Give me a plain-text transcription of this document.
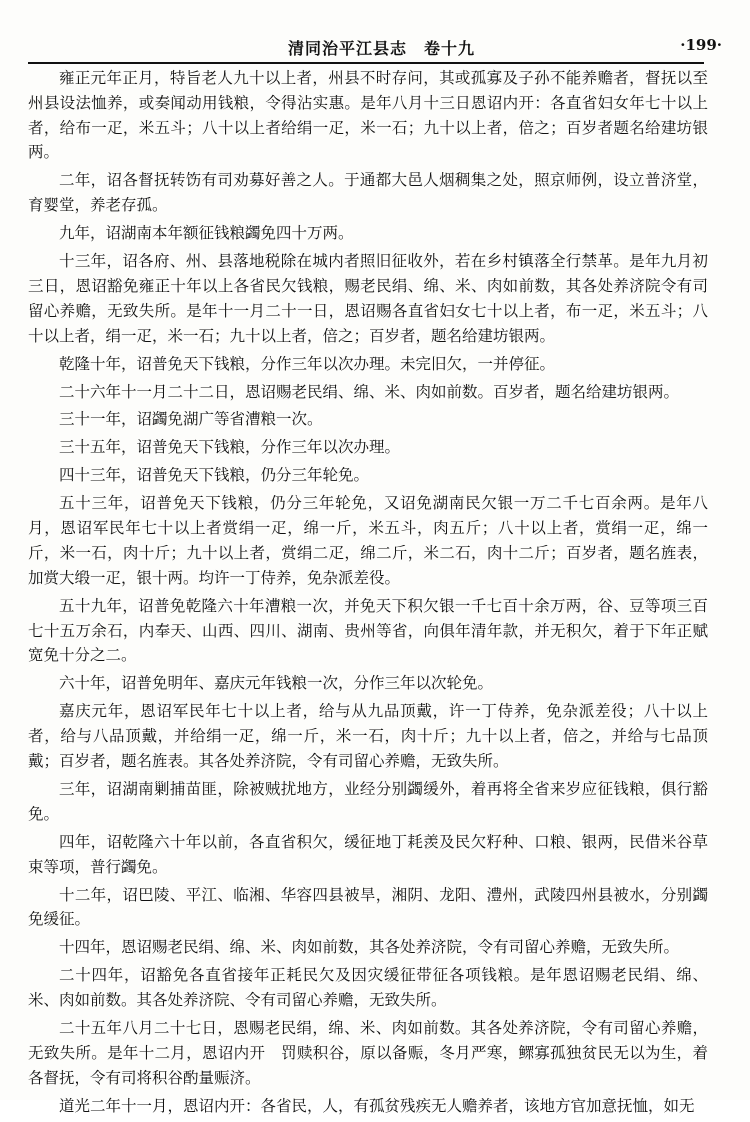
清同治平江县志　卷十九	·199·

雍正元年正月，特旨老人九十以上者，州县不时存问，其或孤寡及子孙不能养赡者，督抚以至州县设法恤养，或奏闻动用钱粮，令得沾实惠。是年八月十三日恩诏内开：各直省妇女年七十以上者，给布一疋，米五斗；八十以上者给绢一疋，米一石；九十以上者，倍之；百岁者题名给建坊银两。

二年，诏各督抚转饬有司劝募好善之人。于通都大邑人烟稠集之处，照京师例，设立普济堂，育婴堂，养老存孤。

九年，诏湖南本年额征钱粮蠲免四十万两。

十三年，诏各府、州、县落地税除在城内者照旧征收外，若在乡村镇落全行禁革。是年九月初三日，恩诏豁免雍正十年以上各省民欠钱粮，赐老民绢、绵、米、肉如前数，其各处养济院令有司留心养赡，无致失所。是年十一月二十一日，恩诏赐各直省妇女七十以上者，布一疋，米五斗；八十以上者，绢一疋，米一石；九十以上者，倍之；百岁者，题名给建坊银两。

乾隆十年，诏普免天下钱粮，分作三年以次办理。未完旧欠，一并停征。

二十六年十一月二十二日，恩诏赐老民绢、绵、米、肉如前数。百岁者，题名给建坊银两。

三十一年，诏蠲免湖广等省漕粮一次。

三十五年，诏普免天下钱粮，分作三年以次办理。

四十三年，诏普免天下钱粮，仍分三年轮免。

五十三年，诏普免天下钱粮，仍分三年轮免，又诏免湖南民欠银一万二千七百余两。是年八月，恩诏军民年七十以上者赏绢一疋，绵一斤，米五斗，肉五斤；八十以上者，赏绢一疋，绵一斤，米一石，肉十斤；九十以上者，赏绢二疋，绵二斤，米二石，肉十二斤；百岁者，题名旌表，加赏大缎一疋，银十两。均许一丁侍养，免杂派差役。

五十九年，诏普免乾隆六十年漕粮一次，并免天下积欠银一千七百十余万两，谷、豆等项三百七十五万余石，内奉天、山西、四川、湖南、贵州等省，向俱年清年款，并无积欠，着于下年正赋宽免十分之二。

六十年，诏普免明年、嘉庆元年钱粮一次，分作三年以次轮免。

嘉庆元年，恩诏军民年七十以上者，给与从九品顶戴，许一丁侍养，免杂派差役；八十以上者，给与八品顶戴，并给绢一疋，绵一斤，米一石，肉十斤；九十以上者，倍之，并给与七品顶戴；百岁者，题名旌表。其各处养济院，令有司留心养赡，无致失所。

三年，诏湖南剿捕苗匪，除被贼扰地方，业经分别蠲缓外，着再将全省来岁应征钱粮，俱行豁免。

四年，诏乾隆六十年以前，各直省积欠，缓征地丁耗羡及民欠籽种、口粮、银两，民借米谷草束等项，普行蠲免。

十二年，诏巴陵、平江、临湘、华容四县被旱，湘阴、龙阳、澧州，武陵四州县被水，分别蠲免缓征。

十四年，恩诏赐老民绢、绵、米、肉如前数，其各处养济院，令有司留心养赡，无致失所。

二十四年，诏豁免各直省接年正耗民欠及因灾缓征带征各项钱粮。是年恩诏赐老民绢、绵、米、肉如前数。其各处养济院、令有司留心养赡，无致失所。

二十五年八月二十七日，恩赐老民绢，绵、米、肉如前数。其各处养济院，令有司留心养赡，无致失所。是年十二月，恩诏内开　罚赎积谷，原以备赈，冬月严寒，鳏寡孤独贫民无以为生，着各督抚，令有司将积谷酌量赈济。

道光二年十一月，恩诏内开：各省民，人，有孤贫残疾无人赡养者，该地方官加意抚恤，如无
